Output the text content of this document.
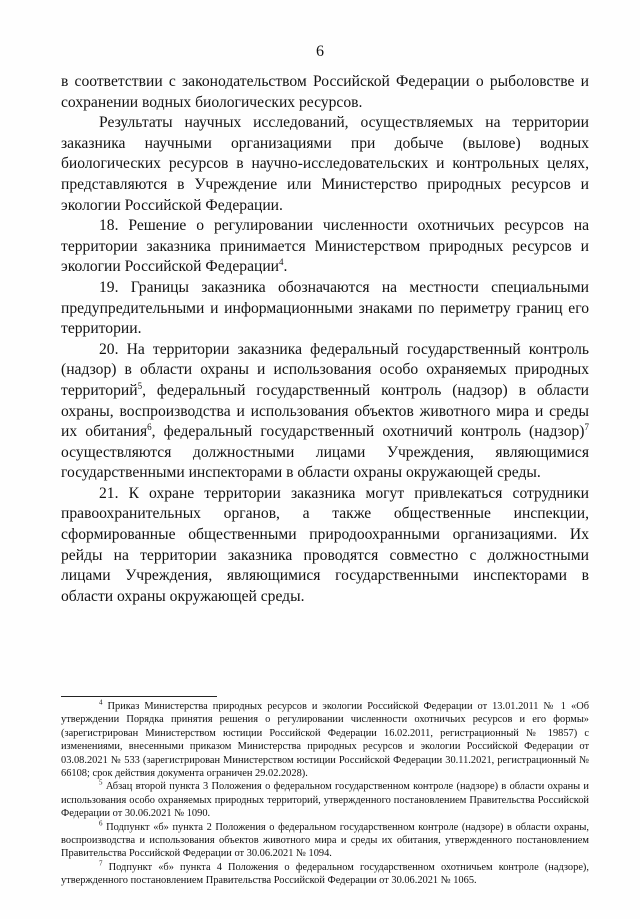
6

в соответствии с законодательством Российской Федерации о рыболовстве и сохранении водных биологических ресурсов.

Результаты научных исследований, осуществляемых на территории заказника научными организациями при добыче (вылове) водных биологических ресурсов в научно-исследовательских и контрольных целях, представляются в Учреждение или Министерство природных ресурсов и экологии Российской Федерации.

18. Решение о регулировании численности охотничьих ресурсов на территории заказника принимается Министерством природных ресурсов и экологии Российской Федерации$^4$.

19. Границы заказника обозначаются на местности специальными предупредительными и информационными знаками по периметру границ его территории.

20. На территории заказника федеральный государственный контроль (надзор) в области охраны и использования особо охраняемых природных территорий$^5$, федеральный государственный контроль (надзор) в области охраны, воспроизводства и использования объектов животного мира и среды их обитания$^6$, федеральный государственный охотничий контроль (надзор)$^7$ осуществляются должностными лицами Учреждения, являющимися государственными инспекторами в области охраны окружающей среды.

21. К охране территории заказника могут привлекаться сотрудники правоохранительных органов, а также общественные инспекции, сформированные общественными природоохранными организациями. Их рейды на территории заказника проводятся совместно с должностными лицами Учреждения, являющимися государственными инспекторами в области охраны окружающей среды.

$^4$ Приказ Министерства природных ресурсов и экологии Российской Федерации от 13.01.2011 № 1 «Об утверждении Порядка принятия решения о регулировании численности охотничьих ресурсов и его формы» (зарегистрирован Министерством юстиции Российской Федерации 16.02.2011, регистрационный № 19857) с изменениями, внесенными приказом Министерства природных ресурсов и экологии Российской Федерации от 03.08.2021 № 533 (зарегистрирован Министерством юстиции Российской Федерации 30.11.2021, регистрационный № 66108; срок действия документа ограничен 29.02.2028).

$^5$ Абзац второй пункта 3 Положения о федеральном государственном контроле (надзоре) в области охраны и использования особо охраняемых природных территорий, утвержденного постановлением Правительства Российской Федерации от 30.06.2021 № 1090.

$^6$ Подпункт «б» пункта 2 Положения о федеральном государственном контроле (надзоре) в области охраны, воспроизводства и использования объектов животного мира и среды их обитания, утвержденного постановлением Правительства Российской Федерации от 30.06.2021 № 1094.

$^7$ Подпункт «б» пункта 4 Положения о федеральном государственном охотничьем контроле (надзоре), утвержденного постановлением Правительства Российской Федерации от 30.06.2021 № 1065.
